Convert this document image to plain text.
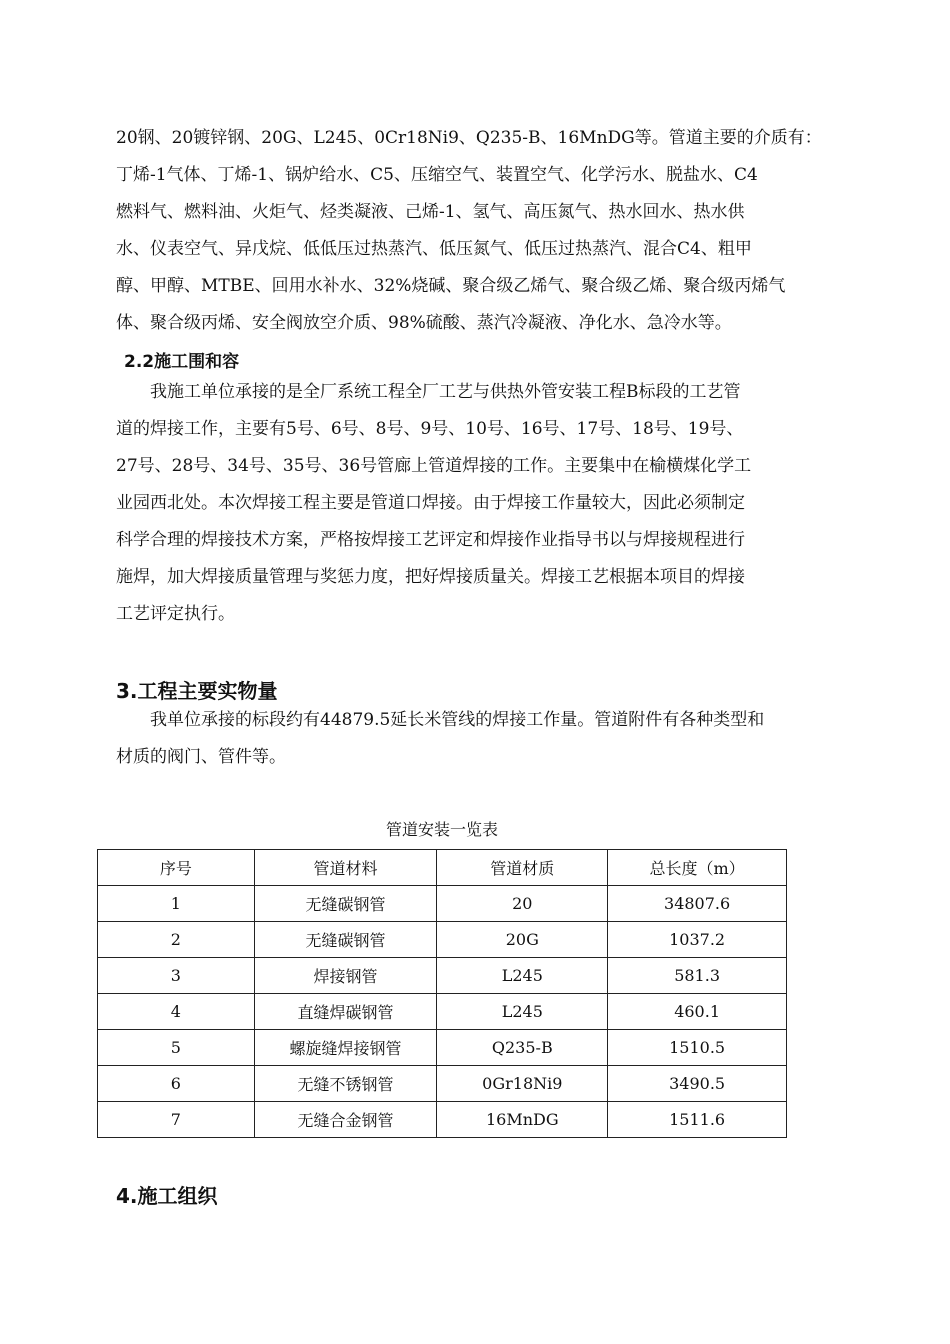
20钢、20镀锌钢、20G、L245、0Cr18Ni9、Q235-B、16MnDG等。管道主要的介质有：

丁烯-1气体、丁烯-1、锅炉给水、C5、压缩空气、装置空气、化学污水、脱盐水、C4

燃料气、燃料油、火炬气、烃类凝液、己烯-1、氢气、高压氮气、热水回水、热水供

水、仪表空气、异戊烷、低低压过热蒸汽、低压氮气、低压过热蒸汽、混合C4、粗甲

醇、甲醇、MTBE、回用水补水、32%烧碱、聚合级乙烯气、聚合级乙烯、聚合级丙烯气

体、聚合级丙烯、安全阀放空介质、98%硫酸、蒸汽冷凝液、净化水、急冷水等。

2.2施工围和容

我施工单位承接的是全厂系统工程全厂工艺与供热外管安装工程B标段的工艺管

道的焊接工作，主要有5号、6号、8号、9号、10号、16号、17号、18号、19号、

27号、28号、34号、35号、36号管廊上管道焊接的工作。主要集中在榆横煤化学工

业园西北处。本次焊接工程主要是管道口焊接。由于焊接工作量较大，因此必须制定

科学合理的焊接技术方案，严格按焊接工艺评定和焊接作业指导书以与焊接规程进行

施焊，加大焊接质量管理与奖惩力度，把好焊接质量关。焊接工艺根据本项目的焊接

工艺评定执行。

3.工程主要实物量

我单位承接的标段约有44879.5延长米管线的焊接工作量。管道附件有各种类型和

材质的阀门、管件等。

管道安装一览表
序号	管道材料	管道材质	总长度（m）
1	无缝碳钢管	20	34807.6
2	无缝碳钢管	20G	1037.2
3	焊接钢管	L245	581.3
4	直缝焊碳钢管	L245	460.1
5	螺旋缝焊接钢管	Q235-B	1510.5
6	无缝不锈钢管	0Gr18Ni9	3490.5
7	无缝合金钢管	16MnDG	1511.6
4.施工组织
